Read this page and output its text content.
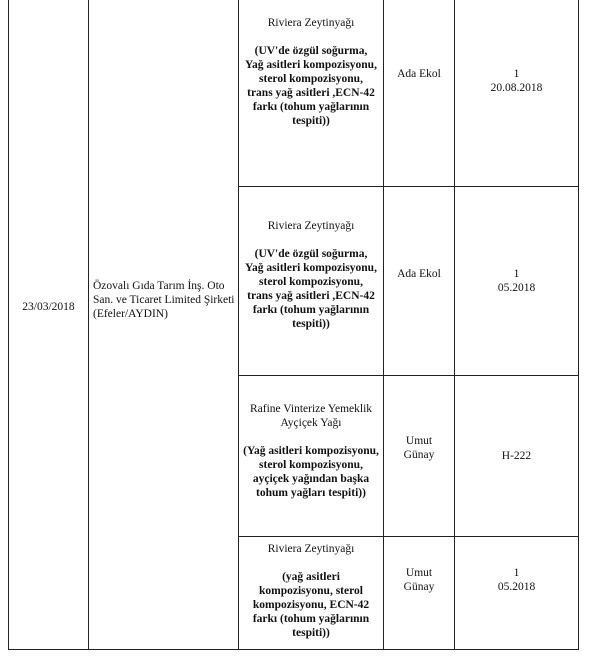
23/03/2018
Özovalı Gıda Tarım İnş. Oto San. ve Ticaret Limited Şirketi (Efeler/AYDIN)

Riviera Zeytinyağı

(UV'de özgül soğurma, Yağ asitleri kompozisyonu, sterol kompozisyonu, trans yağ asitleri ,ECN-42 farkı (tohum yağlarının tespiti))

Ada Ekol	1
20.08.2018

Riviera Zeytinyağı

(UV'de özgül soğurma, Yağ asitleri kompozisyonu, sterol kompozisyonu, trans yağ asitleri ,ECN-42 farkı (tohum yağlarının tespiti))

Ada Ekol	1
05.2018

Rafine Vinterize Yemeklik Ayçiçek Yağı

(Yağ asitleri kompozisyonu, sterol kompozisyonu, ayçiçek yağından başka tohum yağları tespiti))

Umut Günay	H-222

Riviera Zeytinyağı

(yağ asitleri kompozisyonu, sterol kompozisyonu, ECN-42 farkı (tohum yağlarının tespiti))

Umut Günay
1
05.2018
